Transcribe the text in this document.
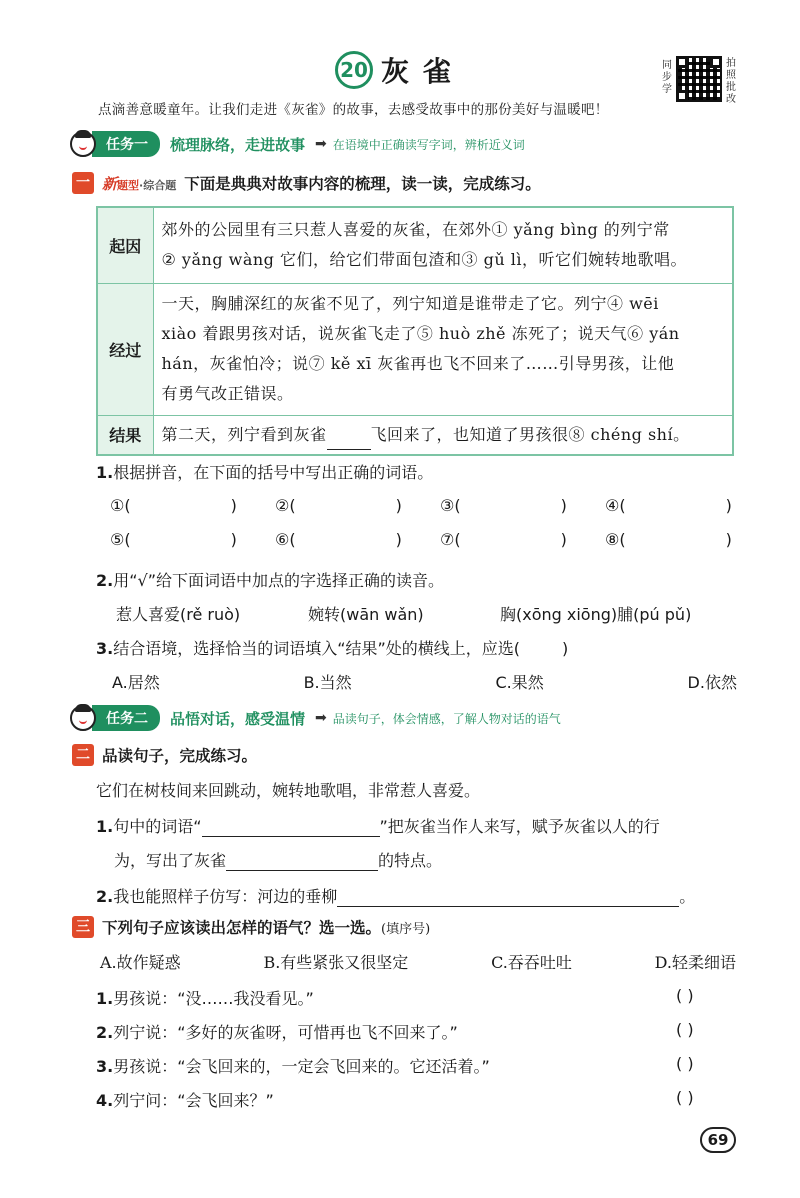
20 灰雀	同步学
拍照批改
点滴善意暖童年。让我们走进《灰雀》的故事，去感受故事中的那份美好与温暖吧！
任务一	梳理脉络，走进故事 ➡ 在语境中正确读写字词，辨析近义词
一 新题型·综合题 下面是典典对故事内容的梳理，读一读，完成练习。
起因	郊外的公园里有三只惹人喜爱的灰雀，在郊外① yǎng bìng 的列宁常
② yǎng wàng 它们，给它们带面包渣和③ gǔ lì，听它们婉转地歌唱。

经过	一天，胸脯深红的灰雀不见了，列宁知道是谁带走了它。列宁④ wēi
xiào 着跟男孩对话，说灰雀飞走了⑤ huò zhě 冻死了；说天气⑥ yán
hán，灰雀怕冷；说⑦ kě xī 灰雀再也飞不回来了……引导男孩，让他
有勇气改正错误。

结果	第二天，列宁看到灰雀 飞回来了，也知道了男孩很⑧ chéng shí。
1.根据拼音，在下面的括号中写出正确的词语。
①(	)	②(	)	③(	)	④(	)
⑤(	)	⑥(	)	⑦(	)	⑧(	)
2.用“√”给下面词语中加点的字选择正确的读音。
惹人喜爱(rě ruò)	婉转(wān wǎn)	胸(xōng xiōng)脯(pú pǔ)
3.结合语境，选择恰当的词语填入“结果”处的横线上，应选(	)
A.居然	B.当然	C.果然	D.依然
任务二	品悟对话，感受温情 ➡ 品读句子，体会情感，了解人物对话的语气
二 品读句子，完成练习。
它们在树枝间来回跳动，婉转地歌唱，非常惹人喜爱。
1.句中的词语“	”把灰雀当作人来写，赋予灰雀以人的行
为，写出了灰雀	的特点。
2.我也能照样子仿写：河边的垂柳	。
三 下列句子应该读出怎样的语气？选一选。 (填序号)
A.故作疑惑	B.有些紧张又很坚定	C.吞吞吐吐	D.轻柔细语
1.男孩说：“没……我没看见。”	( )
2.列宁说：“多好的灰雀呀，可惜再也飞不回来了。”	( )
3.男孩说：“会飞回来的，一定会飞回来的。它还活着。”	( )
4.列宁问：“会飞回来？”	( )
69
